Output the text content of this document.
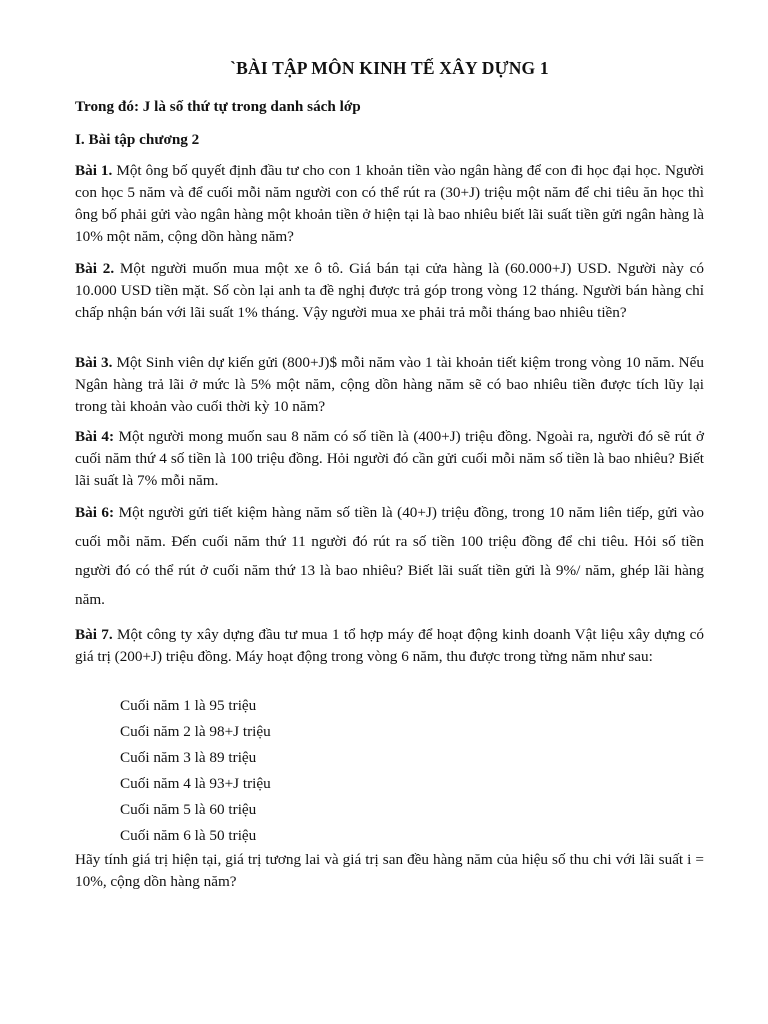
`BÀI TẬP MÔN KINH TẾ XÂY DỰNG 1
Trong đó: J là số thứ tự trong danh sách lớp
I. Bài tập chương 2
Bài 1. Một ông bố quyết định đầu tư cho con 1 khoản tiền vào ngân hàng để con đi học đại học. Người con học 5 năm và để cuối mỗi năm người con có thể rút ra (30+J) triệu một năm để chi tiêu ăn học thì ông bố phải gửi vào ngân hàng một khoản tiền ở hiện tại là bao nhiêu biết lãi suất tiền gửi ngân hàng là 10% một năm, cộng dồn hàng năm?
Bài 2. Một người muốn mua một xe ô tô. Giá bán tại cửa hàng là (60.000+J) USD. Người này có 10.000 USD tiền mặt. Số còn lại anh ta đề nghị được trả góp trong vòng 12 tháng. Người bán hàng chỉ chấp nhận bán với lãi suất 1% tháng. Vậy người mua xe phải trả mỗi tháng bao nhiêu tiền?
Bài 3. Một Sinh viên dự kiến gửi (800+J)$ mỗi năm vào 1 tài khoản tiết kiệm trong vòng 10 năm. Nếu Ngân hàng trả lãi ở mức là 5% một năm, cộng dồn hàng năm sẽ có bao nhiêu tiền được tích lũy lại trong tài khoản vào cuối thời kỳ 10 năm?
Bài 4: Một người mong muốn sau 8 năm có số tiền là (400+J) triệu đồng. Ngoài ra, người đó sẽ rút ở cuối năm thứ 4 số tiền là 100 triệu đồng. Hỏi người đó cần gửi cuối mỗi năm số tiền là bao nhiêu? Biết lãi suất là 7% mỗi năm.
Bài 6: Một người gửi tiết kiệm hàng năm số tiền là (40+J) triệu đồng, trong 10 năm liên tiếp, gửi vào cuối mỗi năm. Đến cuối năm thứ 11 người đó rút ra số tiền 100 triệu đồng để chi tiêu. Hỏi số tiền người đó có thể rút ở cuối năm thứ 13 là bao nhiêu? Biết lãi suất tiền gửi là 9%/ năm, ghép lãi hàng năm.
Bài 7. Một công ty xây dựng đầu tư mua 1 tổ hợp máy để hoạt động kinh doanh Vật liệu xây dựng có giá trị (200+J) triệu đồng. Máy hoạt động trong vòng 6 năm, thu được trong từng năm như sau:
Cuối năm 1 là 95 triệu
Cuối năm 2 là 98+J triệu
Cuối năm 3 là 89 triệu
Cuối năm 4 là 93+J triệu
Cuối năm 5 là 60 triệu
Cuối năm 6 là 50 triệu
Hãy tính giá trị hiện tại, giá trị tương lai và giá trị san đều hàng năm của hiệu số thu chi với lãi suất i = 10%, cộng dồn hàng năm?
